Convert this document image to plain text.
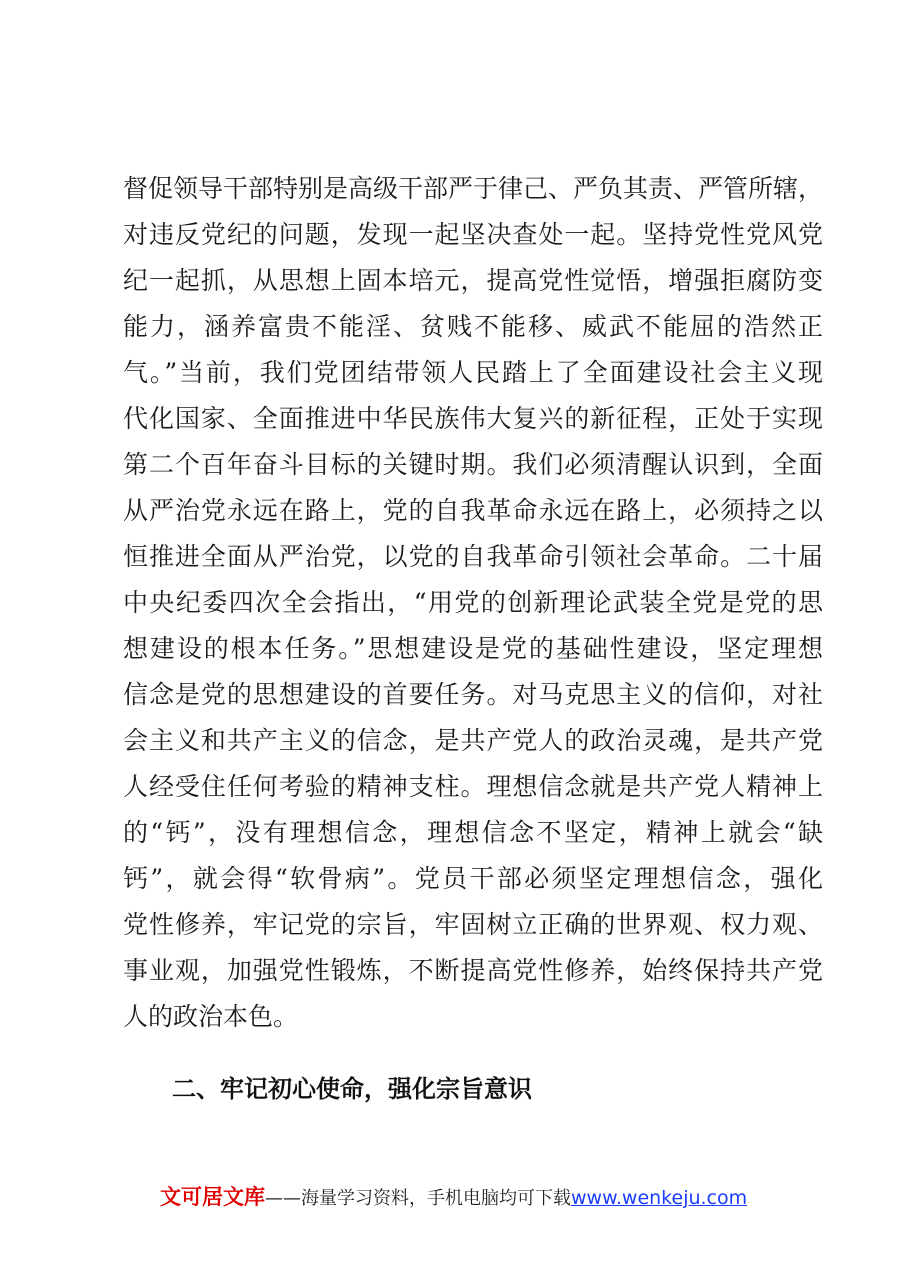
督促领导干部特别是高级干部严于律己、严负其责、严管所辖，
对违反党纪的问题，发现一起坚决查处一起。坚持党性党风党
纪一起抓，从思想上固本培元，提高党性觉悟，增强拒腐防变
能力，涵养富贵不能淫、贫贱不能移、威武不能屈的浩然正
气。”当前，我们党团结带领人民踏上了全面建设社会主义现
代化国家、全面推进中华民族伟大复兴的新征程，正处于实现
第二个百年奋斗目标的关键时期。我们必须清醒认识到，全面
从严治党永远在路上，党的自我革命永远在路上，必须持之以
恒推进全面从严治党，以党的自我革命引领社会革命。二十届
中央纪委四次全会指出，“用党的创新理论武装全党是党的思
想建设的根本任务。”思想建设是党的基础性建设，坚定理想
信念是党的思想建设的首要任务。对马克思主义的信仰，对社
会主义和共产主义的信念，是共产党人的政治灵魂，是共产党
人经受住任何考验的精神支柱。理想信念就是共产党人精神上
的“钙”，没有理想信念，理想信念不坚定，精神上就会“缺
钙”，就会得“软骨病”。党员干部必须坚定理想信念，强化
党性修养，牢记党的宗旨，牢固树立正确的世界观、权力观、
事业观，加强党性锻炼，不断提高党性修养，始终保持共产党
人的政治本色。
二、牢记初心使命，强化宗旨意识
文可居文库——海量学习资料，手机电脑均可下载www.wenkeju.com
